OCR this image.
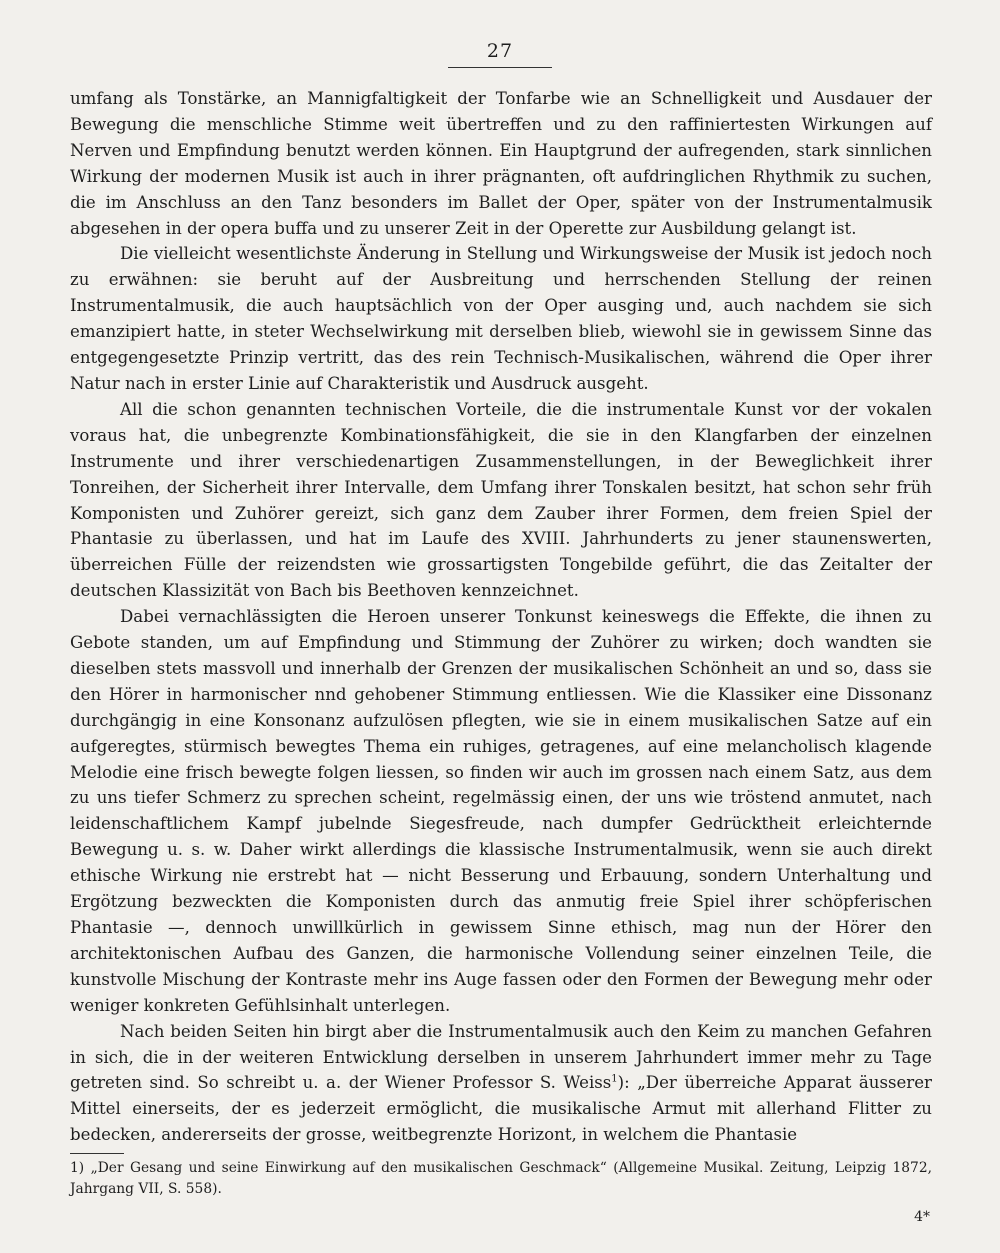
27

umfang als Tonstärke, an Mannigfaltigkeit der Tonfarbe wie an Schnelligkeit und Ausdauer der Bewegung die menschliche Stimme weit übertreffen und zu den raffiniertesten Wirkungen auf Nerven und Empfindung benutzt werden können. Ein Hauptgrund der aufregenden, stark sinnlichen Wirkung der modernen Musik ist auch in ihrer prägnanten, oft aufdringlichen Rhythmik zu suchen, die im Anschluss an den Tanz besonders im Ballet der Oper, später von der Instrumentalmusik abgesehen in der opera buffa und zu unserer Zeit in der Operette zur Ausbildung gelangt ist.

Die vielleicht wesentlichste Änderung in Stellung und Wirkungsweise der Musik ist jedoch noch zu erwähnen: sie beruht auf der Ausbreitung und herrschenden Stellung der reinen Instrumentalmusik, die auch hauptsächlich von der Oper ausging und, auch nachdem sie sich emanzipiert hatte, in steter Wechselwirkung mit derselben blieb, wiewohl sie in gewissem Sinne das entgegengesetzte Prinzip vertritt, das des rein Technisch-Musikalischen, während die Oper ihrer Natur nach in erster Linie auf Charakteristik und Ausdruck ausgeht.

All die schon genannten technischen Vorteile, die die instrumentale Kunst vor der vokalen voraus hat, die unbegrenzte Kombinationsfähigkeit, die sie in den Klangfarben der einzelnen Instrumente und ihrer verschiedenartigen Zusammenstellungen, in der Beweglichkeit ihrer Tonreihen, der Sicherheit ihrer Intervalle, dem Umfang ihrer Tonskalen besitzt, hat schon sehr früh Komponisten und Zuhörer gereizt, sich ganz dem Zauber ihrer Formen, dem freien Spiel der Phantasie zu überlassen, und hat im Laufe des XVIII. Jahrhunderts zu jener staunenswerten, überreichen Fülle der reizendsten wie grossartigsten Tongebilde geführt, die das Zeitalter der deutschen Klassizität von Bach bis Beethoven kennzeichnet.

Dabei vernachlässigten die Heroen unserer Tonkunst keineswegs die Effekte, die ihnen zu Gebote standen, um auf Empfindung und Stimmung der Zuhörer zu wirken; doch wandten sie dieselben stets massvoll und innerhalb der Grenzen der musikalischen Schönheit an und so, dass sie den Hörer in harmonischer nnd gehobener Stimmung entliessen. Wie die Klassiker eine Dissonanz durchgängig in eine Konsonanz aufzulösen pflegten, wie sie in einem musikalischen Satze auf ein aufgeregtes, stürmisch bewegtes Thema ein ruhiges, getragenes, auf eine melancholisch klagende Melodie eine frisch bewegte folgen liessen, so finden wir auch im grossen nach einem Satz, aus dem zu uns tiefer Schmerz zu sprechen scheint, regelmässig einen, der uns wie tröstend anmutet, nach leidenschaftlichem Kampf jubelnde Siegesfreude, nach dumpfer Gedrücktheit erleichternde Bewegung u. s. w. Daher wirkt allerdings die klassische Instrumentalmusik, wenn sie auch direkt ethische Wirkung nie erstrebt hat — nicht Besserung und Erbauung, sondern Unterhaltung und Ergötzung bezweckten die Komponisten durch das anmutig freie Spiel ihrer schöpferischen Phantasie —, dennoch unwillkürlich in gewissem Sinne ethisch, mag nun der Hörer den architektonischen Aufbau des Ganzen, die harmonische Vollendung seiner einzelnen Teile, die kunstvolle Mischung der Kontraste mehr ins Auge fassen oder den Formen der Bewegung mehr oder weniger konkreten Gefühlsinhalt unterlegen.

Nach beiden Seiten hin birgt aber die Instrumentalmusik auch den Keim zu manchen Gefahren in sich, die in der weiteren Entwicklung derselben in unserem Jahrhundert immer mehr zu Tage getreten sind. So schreibt u. a. der Wiener Professor S. Weiss$^1$): „Der überreiche Apparat äusserer Mittel einerseits, der es jederzeit ermöglicht, die musikalische Armut mit allerhand Flitter zu bedecken, andererseits der grosse, weitbegrenzte Horizont, in welchem die Phantasie

1) „Der Gesang und seine Einwirkung auf den musikalischen Geschmack“ (Allgemeine Musikal. Zeitung, Leipzig 1872, Jahrgang VII, S. 558).
4*
